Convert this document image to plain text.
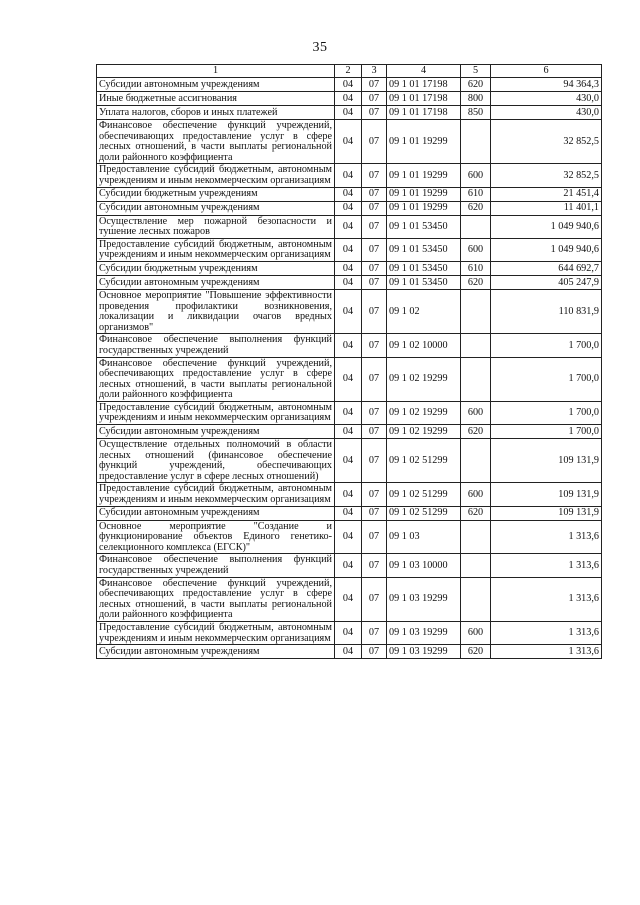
35
1	2	3	4	5	6
Субсидии автономным учреждениям	04	07	09 1 01 17198	620	94 364,3
Иные бюджетные ассигнования	04	07	09 1 01 17198	800	430,0
Уплата налогов, сборов и иных платежей	04	07	09 1 01 17198	850	430,0
Финансовое обеспечение функций учреждений, обеспечивающих предоставление услуг в сфере лесных отношений, в части выплаты региональной доли районного коэффициента	04	07	09 1 01 19299		32 852,5
Предоставление субсидий бюджетным, автономным учреждениям и иным некоммерческим организациям	04	07	09 1 01 19299	600	32 852,5
Субсидии бюджетным учреждениям	04	07	09 1 01 19299	610	21 451,4
Субсидии автономным учреждениям	04	07	09 1 01 19299	620	11 401,1
Осуществление мер пожарной безопасности и тушение лесных пожаров	04	07	09 1 01 53450		1 049 940,6
Предоставление субсидий бюджетным, автономным учреждениям и иным некоммерческим организациям	04	07	09 1 01 53450	600	1 049 940,6
Субсидии бюджетным учреждениям	04	07	09 1 01 53450	610	644 692,7
Субсидии автономным учреждениям	04	07	09 1 01 53450	620	405 247,9
Основное мероприятие "Повышение эффективности проведения профилактики возникновения, локализации и ликвидации очагов вредных организмов"	04	07	09 1 02		110 831,9
Финансовое обеспечение выполнения функций государственных учреждений	04	07	09 1 02 10000		1 700,0
Финансовое обеспечение функций учреждений, обеспечивающих предоставление услуг в сфере лесных отношений, в части выплаты региональной доли районного коэффициента	04	07	09 1 02 19299		1 700,0
Предоставление субсидий бюджетным, автономным учреждениям и иным некоммерческим организациям	04	07	09 1 02 19299	600	1 700,0
Субсидии автономным учреждениям	04	07	09 1 02 19299	620	1 700,0
Осуществление отдельных полномочий в области лесных отношений (финансовое обеспечение функций учреждений, обеспечивающих предоставление услуг в сфере лесных отношений)	04	07	09 1 02 51299		109 131,9
Предоставление субсидий бюджетным, автономным учреждениям и иным некоммерческим организациям	04	07	09 1 02 51299	600	109 131,9
Субсидии автономным учреждениям	04	07	09 1 02 51299	620	109 131,9
Основное мероприятие "Создание и функционирование объектов Единого генетико-селекционного комплекса (ЕГСК)"	04	07	09 1 03		1 313,6
Финансовое обеспечение выполнения функций государственных учреждений	04	07	09 1 03 10000		1 313,6
Финансовое обеспечение функций учреждений, обеспечивающих предоставление услуг в сфере лесных отношений, в части выплаты региональной доли районного коэффициента	04	07	09 1 03 19299		1 313,6
Предоставление субсидий бюджетным, автономным учреждениям и иным некоммерческим организациям	04	07	09 1 03 19299	600	1 313,6
Субсидии автономным учреждениям	04	07	09 1 03 19299	620	1 313,6
